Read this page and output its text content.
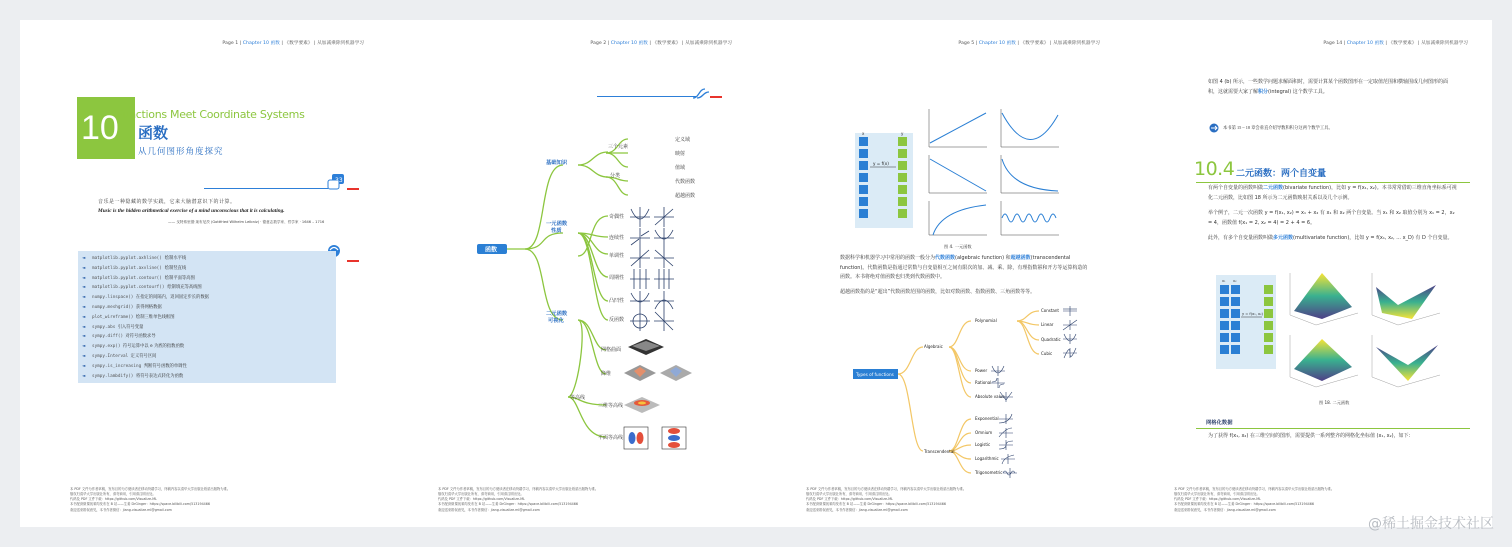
Page 1 | Chapter 10 函数 | 《数学要素》 | 从加减乘除到机器学习
10
Functions Meet Coordinate Systems
函数
从几何图形角度探究
33
音乐是一种隐藏的数学实践，它来大脑潜意识下的计算。
Music is the hidden arithmetical exercise of a mind unconscious that it is calculating.
—— 戈特弗里德·莱布尼茨 (Gottfried Wilhelm Leibniz) · 德意志数学家、哲学家 · 1646 – 1716
◄ matplotlib.pyplot.axhline() 绘制水平线
◄ matplotlib.pyplot.axvline() 绘制竖直线
◄ matplotlib.pyplot.contour() 绘制平面等高图
◄ matplotlib.pyplot.contourf() 绘制填充等高线图
◄ numpy.linspace() 在指定的间隔内，返回固定步长的数据
◄ numpy.meshgrid() 获得网格数据
◄ plot_wireframe() 绘制三维单色线框图
◄ sympy.abs 引入符号变量
◄ sympy.diff() 对符号函数求导
◄ sympy.exp() 符号运算中以 e 为底的指数函数
◄ sympy.Interval 定义符号区间
◄ sympy.is_increasing 判断符号函数的单调性
◄ sympy.lambdify() 将符号表达式转化为函数
本 PDF 文件为作者草稿，发布目的为方便读者在移动终端学习，终稿内容以清华大学出版社纸质出版物为准。
版权归清华大学出版社所有，请勿商用，引用请注明出处。
代码及 PDF 文件下载：https://github.com/Visualize-ML
本书配套微课视频均发布在 B 站——生姜 DrGinger：https://space.bilibili.com/513194466
欢迎送来勘误意见，本书作者微信：jiang.visualize.ml@gmail.com
Page 2 | Chapter 10 函数 | 《数学要素》 | 从加减乘除到机器学习
函数
基础知识
三个元素
分类
定义域
映射
值域
代数函数
超越函数
一元函数性质
奇偶性
连续性
单调性
周期性
凸凹性
反函数
二元函数可视化
网格曲面
降维
等高线
三维等高线
平面等高线
本 PDF 文件为作者草稿，发布目的为方便读者在移动终端学习，终稿内容以清华大学出版社纸质出版物为准。
版权归清华大学出版社所有，请勿商用，引用请注明出处。
代码及 PDF 文件下载：https://github.com/Visualize-ML
本书配套微课视频均发布在 B 站——生姜 DrGinger：https://space.bilibili.com/513194466
欢迎送来勘误意见，本书作者微信：jiang.visualize.ml@gmail.com
Page 5 | Chapter 10 函数 | 《数学要素》 | 从加减乘除到机器学习
y = f(x)
x	y
图 4. 一元函数
数据科学和机器学习中常用的函数一般分为代数函数(algebraic function) 和超越函数(transcendental function)。代数函数是指通过常数与自变量相互之间有限次的加、减、乘、除，有理指数幂和开方等运算构造的函数。本书将绝对值函数也归类到代数函数中。
超越函数指的是“超出”代数函数范围的函数，比如对数函数、指数函数、三角函数等等。
Types of functions
Algebraic
Transcendental
Polynomial
Power
Rational
Absolute value
Constant
Linear
Quadratic
Cubic
Exponential
Omnium
Logistic
Logarithmic
Trigonometric
本 PDF 文件为作者草稿，发布目的为方便读者在移动终端学习，终稿内容以清华大学出版社纸质出版物为准。
版权归清华大学出版社所有，请勿商用，引用请注明出处。
代码及 PDF 文件下载：https://github.com/Visualize-ML
本书配套微课视频均发布在 B 站——生姜 DrGinger：https://space.bilibili.com/513194466
欢迎送来勘误意见，本书作者微信：jiang.visualize.ml@gmail.com
Page 14 | Chapter 10 函数 | 《数学要素》 | 从加减乘除到机器学习
如图 4 (b) 所示，一些数学问题求解面积时，需要计算某个函数图形在一定取值范围和横轴围成几何图形的面积，这就需要大家了解积分(integral) 这个数学工具。
本书第 15 ~ 18 章会垂直介绍导数和积分这两个数学工具。
10.4 二元函数：两个自变量
有两个自变量的函数叫做二元函数(bivariate function)，比如 y = f(x₁, x₂)。本书常常借助三维直角坐标系可视化二元函数，比如图 18 所示为二元函数映射关系以及几个示例。
举个例子，二元一次函数 y = f(x₁, x₂) = x₁ + x₂ 有 x₁ 和 x₂ 两个自变量。当 x₁ 和 x₂ 取值分别为 x₁ = 2，x₂ = 4，函数值 f(x₁ = 2, x₂ = 4) = 2 + 4 = 6。
此外，有多个自变量函数叫做多元函数(multivariate function)，比如 y = f(x₁, x₂, ... x_D) 有 D 个自变量。
y = f(x₁, x₂)
x₁ x₂
图 18. 二元函数
网格化数据
为了获得 f(x₁, x₂) 在三维空间的图形，需要提供一系列整齐的网格化坐标值 (x₁, x₂)，如下：
本 PDF 文件为作者草稿，发布目的为方便读者在移动终端学习，终稿内容以清华大学出版社纸质出版物为准。
版权归清华大学出版社所有，请勿商用，引用请注明出处。
代码及 PDF 文件下载：https://github.com/Visualize-ML
本书配套微课视频均发布在 B 站——生姜 DrGinger：https://space.bilibili.com/513194466
欢迎送来勘误意见，本书作者微信：jiang.visualize.ml@gmail.com
@稀土掘金技术社区
